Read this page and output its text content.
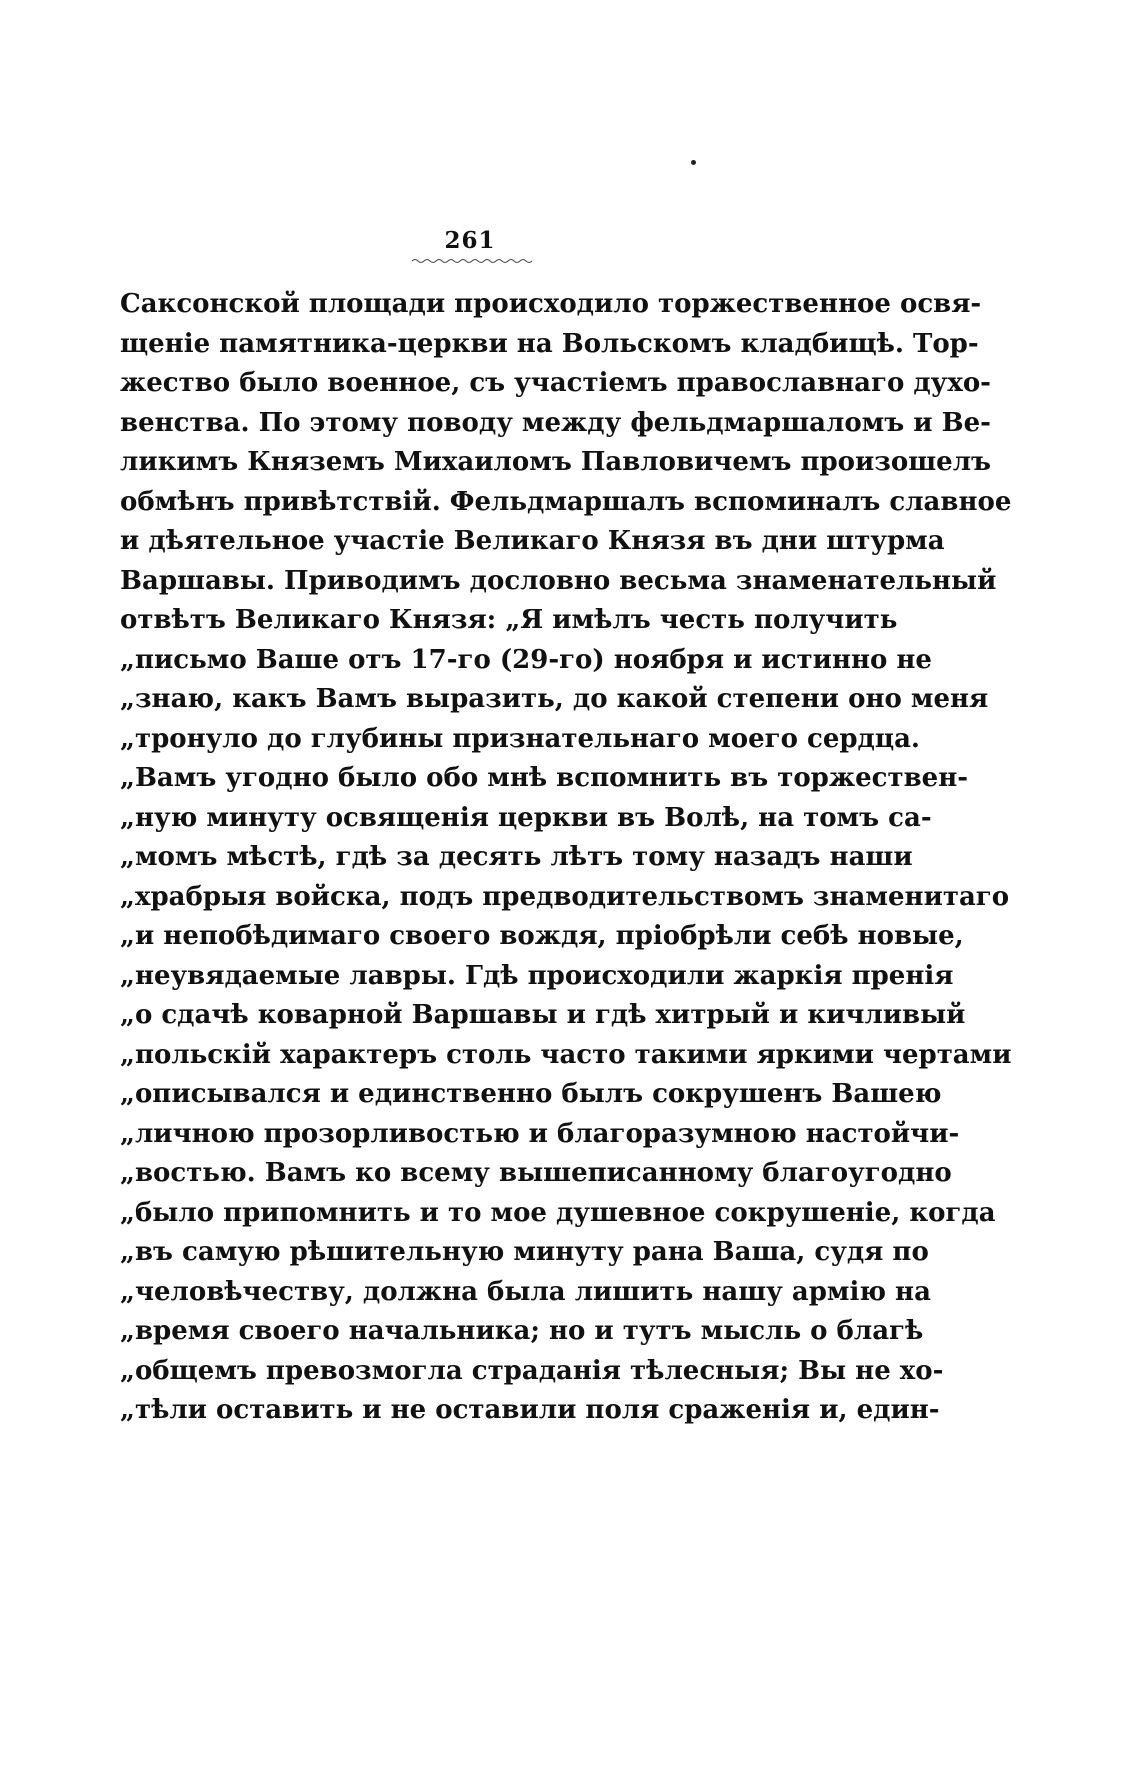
261
Саксонской площади происходило торжественное освя-
щеніе памятника-церкви на Вольскомъ кладбищѣ. Тор-
жество было военное, съ участіемъ православнаго духо-
венства. По этому поводу между фельдмаршаломъ и Ве-
ликимъ Княземъ Михаиломъ Павловичемъ произошелъ
обмѣнъ привѣтствій. Фельдмаршалъ вспоминалъ славное
и дѣятельное участіе Великаго Князя въ дни штурма
Варшавы. Приводимъ дословно весьма знаменательный
отвѣтъ Великаго Князя: „Я имѣлъ честь получить
„письмо Ваше отъ 17-го (29-го) ноября и истинно не
„знаю, какъ Вамъ выразить, до какой степени оно меня
„тронуло до глубины признательнаго моего сердца.
„Вамъ угодно было обо мнѣ вспомнить въ торжествен-
„ную минуту освященія церкви въ Волѣ, на томъ са-
„момъ мѣстѣ, гдѣ за десять лѣтъ тому назадъ наши
„храбрыя войска, подъ предводительствомъ знаменитаго
„и непобѣдимаго своего вождя, пріобрѣли себѣ новые,
„неувядаемые лавры. Гдѣ происходили жаркія пренія
„о сдачѣ коварной Варшавы и гдѣ хитрый и кичливый
„польскій характеръ столь часто такими яркими чертами
„описывался и единственно былъ сокрушенъ Вашею
„личною прозорливостью и благоразумною настойчи-
„востью. Вамъ ко всему вышеписанному благоугодно
„было припомнить и то мое душевное сокрушеніе, когда
„въ самую рѣшительную минуту рана Ваша, судя по
„человѣчеству, должна была лишить нашу армію на
„время своего начальника; но и тутъ мысль о благѣ
„общемъ превозмогла страданія тѣлесныя; Вы не хо-
„тѣли оставить и не оставили поля сраженія и, един-
